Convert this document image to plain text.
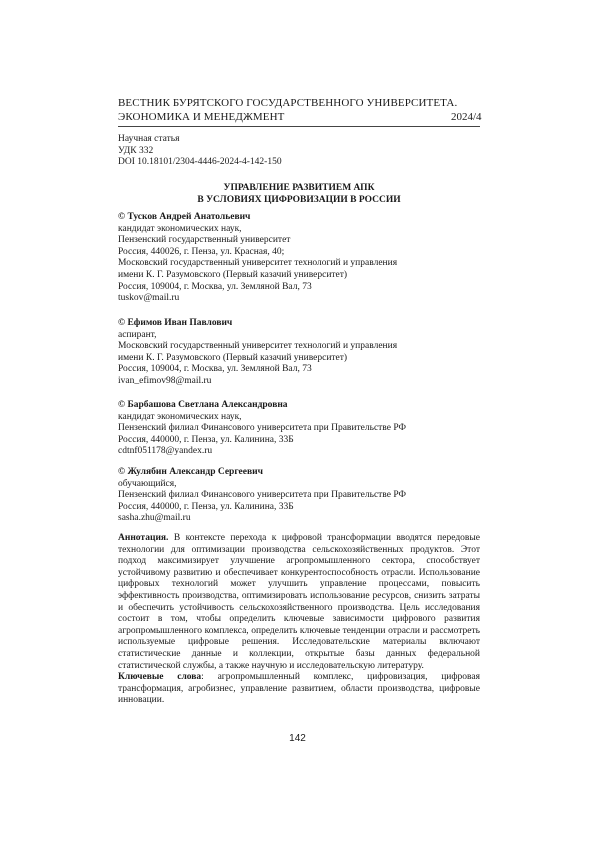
ВЕСТНИК БУРЯТСКОГО ГОСУДАРСТВЕННОГО УНИВЕРСИТЕТА.
ЭКОНОМИКА И МЕНЕДЖМЕНТ	2024/4
Научная статья
УДК 332
DOI 10.18101/2304-4446-2024-4-142-150
УПРАВЛЕНИЕ РАЗВИТИЕМ АПК
В УСЛОВИЯХ ЦИФРОВИЗАЦИИ В РОССИИ
© Тусков Андрей Анатольевич
кандидат экономических наук,
Пензенский государственный университет
Россия, 440026, г. Пенза, ул. Красная, 40;
Московский государственный университет технологий и управления
имени К. Г. Разумовского (Первый казачий университет)
Россия, 109004, г. Москва, ул. Земляной Вал, 73
tuskov@mail.ru
© Ефимов Иван Павлович
аспирант,
Московский государственный университет технологий и управления
имени К. Г. Разумовского (Первый казачий университет)
Россия, 109004, г. Москва, ул. Земляной Вал, 73
ivan_efimov98@mail.ru
© Барбашова Светлана Александровна
кандидат экономических наук,
Пензенский филиал Финансового университета при Правительстве РФ
Россия, 440000, г. Пенза, ул. Калинина, 33Б
cdtnf051178@yandex.ru
© Жулябин Александр Сергеевич
обучающийся,
Пензенский филиал Финансового университета при Правительстве РФ
Россия, 440000, г. Пенза, ул. Калинина, 33Б
sasha.zhu@mail.ru

Аннотация. В контексте перехода к цифровой трансформации вводятся передовые технологии для оптимизации производства сельскохозяйственных продуктов. Этот подход максимизирует улучшение агропромышленного сектора, способствует устойчивому развитию и обеспечивает конкурентоспособность отрасли. Использование цифровых технологий может улучшить управление процессами, повысить эффективность производства, оптимизировать использование ресурсов, снизить затраты и обеспечить устойчивость сельскохозяйственного производства. Цель исследования состоит в том, чтобы определить ключевые зависимости цифрового развития агропромышленного комплекса, определить ключевые тенденции отрасли и рассмотреть используемые цифровые решения. Исследовательские материалы включают статистические данные и коллекции, открытые базы данных федеральной статистической службы, а также научную и исследовательскую литературу.

Ключевые слова: агропромышленный комплекс, цифровизация, цифровая трансформация, агробизнес, управление развитием, области производства, цифровые инновации.

142
